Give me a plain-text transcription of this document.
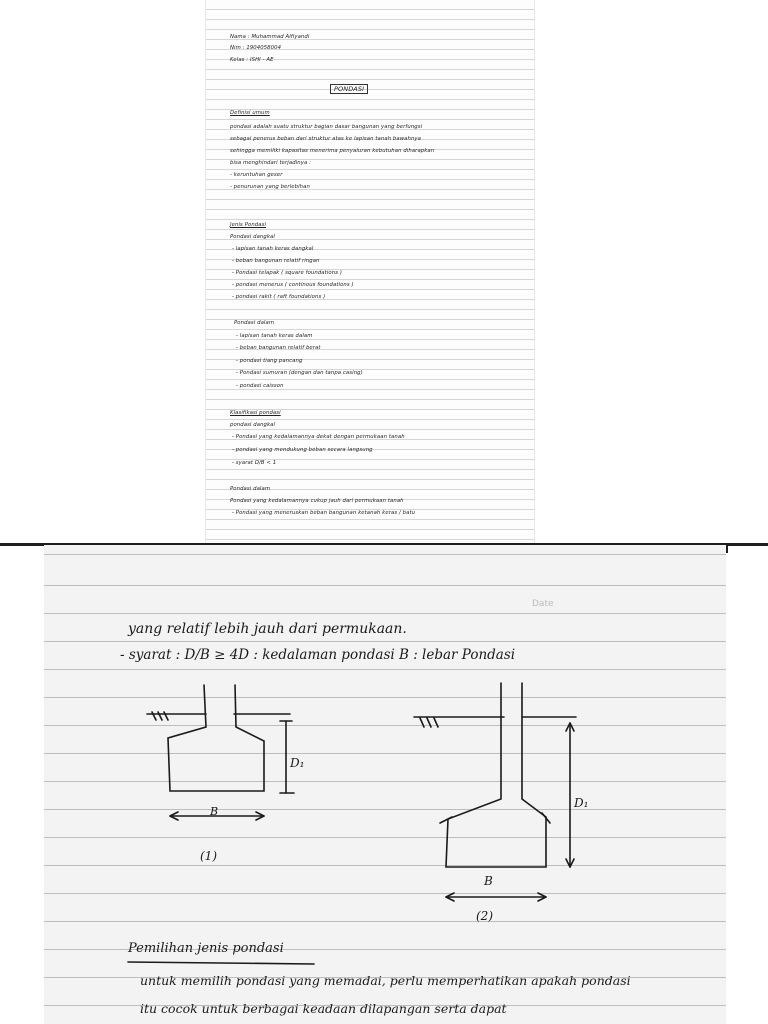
Nama : Muhammad Alfiyandi
Nim : 1904058004
Kelas : ISHI - AE
PONDASI
Definisi umum
pondasi adalah suatu struktur bagian dasar bangunan yang berfungsi
sebagai penerus beban dari struktur atas ke lapisan tanah bawahnya
sehingga memiliki kapasitas menerima penyaluran kebutuhan diharapkan
bisa menghindari terjadinya :
- keruntuhan geser
- penurunan yang berlebihan
Jenis Pondasi
Pondasi dangkal
- lapisan tanah keras dangkal
- beban bangunan relatif ringan
- Pondasi telapak ( square foundations )
- pondasi menerus ( continous foundations )
- pondasi rakit ( raft foundations )
Pondasi dalam
- lapisan tanah keras dalam
- beban bangunan relatif berat
- pondasi tiang pancang
- Pondasi sumuran (dengan dan tanpa casing)
- pondasi caisson
Klasifikasi pondasi
pondasi dangkal
- Pondasi yang kedalamannya dekat dengan permukaan tanah
- pondasi yang mendukung beban secara langsung
- syarat D/B < 1
Pondasi dalam
Pondasi yang kedalamannya cukup jauh dari permukaan tanah
- Pondasi yang meneruskan beban bangunan ketanah keras / batu
Date
yang relatif lebih jauh dari permukaan.
- syarat : D/B ≥ 4D : kedalaman pondasi B : lebar Pondasi
D₁
B
(1)
D₁
B
(2)
Pemilihan jenis pondasi
untuk memilih pondasi yang memadai, perlu memperhatikan apakah pondasi
itu cocok untuk berbagai keadaan dilapangan serta dapat
